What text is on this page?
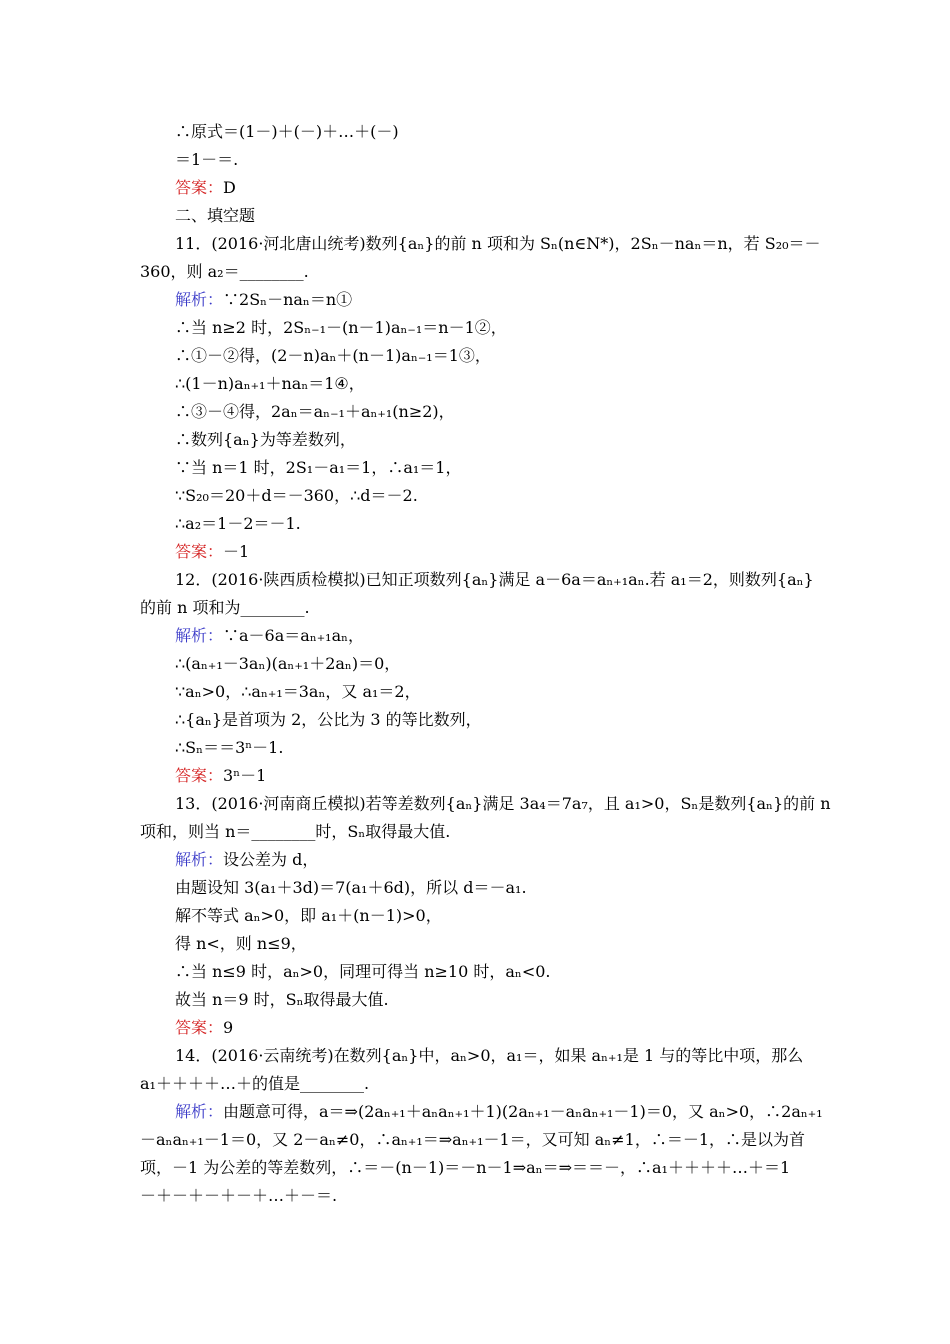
∴原式＝(1－)＋(－)＋…＋(－)
＝1－＝.
答案：D
二、填空题
11．(2016·河北唐山统考)数列{aₙ}的前 n 项和为 Sₙ(n∈N*)，2Sₙ－naₙ＝n，若 S₂₀＝－
360，则 a₂＝________.
解析：∵2Sₙ－naₙ＝n①
∴当 n≥2 时，2Sₙ₋₁－(n－1)aₙ₋₁＝n－1②，
∴①－②得，(2－n)aₙ＋(n－1)aₙ₋₁＝1③，
∴(1－n)aₙ₊₁＋naₙ＝1④，
∴③－④得，2aₙ＝aₙ₋₁＋aₙ₊₁(n≥2)，
∴数列{aₙ}为等差数列，
∵当 n＝1 时，2S₁－a₁＝1，∴a₁＝1，
∵S₂₀＝20＋d＝－360，∴d＝－2.
∴a₂＝1－2＝－1.
答案：－1
12．(2016·陕西质检模拟)已知正项数列{aₙ}满足 a－6a＝aₙ₊₁aₙ.若 a₁＝2，则数列{aₙ}
的前 n 项和为________.
解析：∵a－6a＝aₙ₊₁aₙ，
∴(aₙ₊₁－3aₙ)(aₙ₊₁＋2aₙ)＝0，
∵aₙ>0，∴aₙ₊₁＝3aₙ，又 a₁＝2，
∴{aₙ}是首项为 2，公比为 3 的等比数列，
∴Sₙ＝＝3ⁿ－1.
答案：3ⁿ－1
13．(2016·河南商丘模拟)若等差数列{aₙ}满足 3a₄＝7a₇，且 a₁>0，Sₙ是数列{aₙ}的前 n
项和，则当 n＝________时，Sₙ取得最大值.
解析：设公差为 d，
由题设知 3(a₁＋3d)＝7(a₁＋6d)，所以 d＝－a₁.
解不等式 aₙ>0，即 a₁＋(n－1)>0，
得 n<，则 n≤9，
∴当 n≤9 时，aₙ>0，同理可得当 n≥10 时，aₙ<0.
故当 n＝9 时，Sₙ取得最大值.
答案：9
14．(2016·云南统考)在数列{aₙ}中，aₙ>0，a₁＝，如果 aₙ₊₁是 1 与的等比中项，那么
a₁＋＋＋＋…＋的值是________.
解析：由题意可得，a＝⇒(2aₙ₊₁＋aₙaₙ₊₁＋1)(2aₙ₊₁－aₙaₙ₊₁－1)＝0，又 aₙ>0，∴2aₙ₊₁
－aₙaₙ₊₁－1＝0，又 2－aₙ≠0，∴aₙ₊₁＝⇒aₙ₊₁－1＝，又可知 aₙ≠1，∴＝－1，∴是以为首
项，－1 为公差的等差数列，∴＝－(n－1)＝－n－1⇒aₙ＝⇒＝＝－，∴a₁＋＋＋＋…＋＝1
－＋－＋－＋－＋…＋－＝.
